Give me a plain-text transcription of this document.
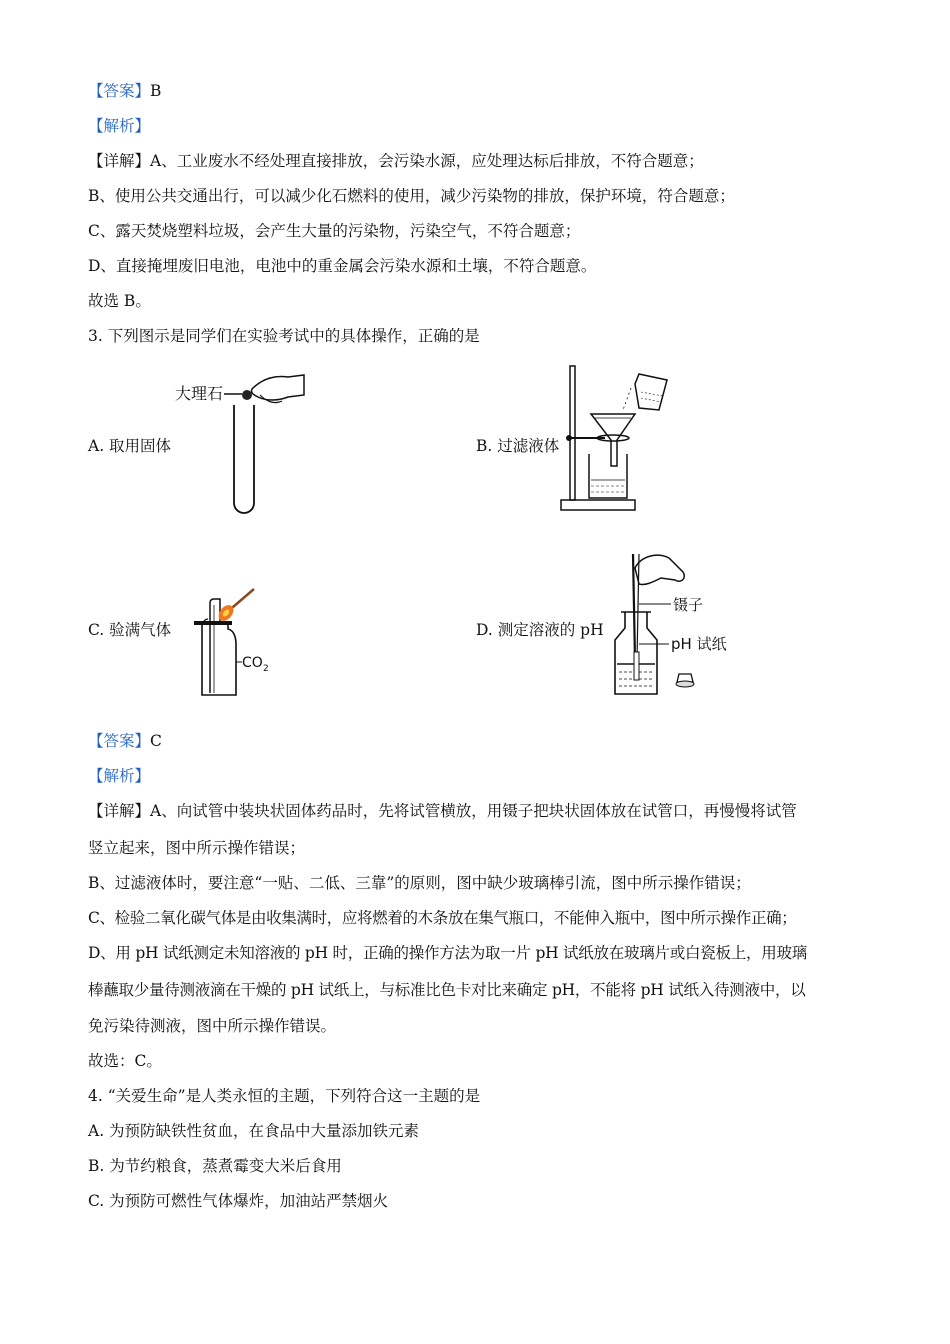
【答案】B
【解析】
【详解】A、工业废水不经处理直接排放，会污染水源，应处理达标后排放，不符合题意；
B、使用公共交通出行，可以减少化石燃料的使用，减少污染物的排放，保护环境，符合题意；
C、露天焚烧塑料垃圾，会产生大量的污染物，污染空气，不符合题意；
D、直接掩埋废旧电池，电池中的重金属会污染水源和土壤，不符合题意。
故选 B。
3. 下列图示是同学们在实验考试中的具体操作，正确的是
A. 取用固体	B. 过滤液体
C. 验满气体	D. 测定溶液的 pH
大理石
CO 2
镊子
pH 试纸
【答案】C
【解析】
【详解】A、向试管中装块状固体药品时，先将试管横放，用镊子把块状固体放在试管口，再慢慢将试管
竖立起来，图中所示操作错误；
B、过滤液体时，要注意“一贴、二低、三靠”的原则，图中缺少玻璃棒引流，图中所示操作错误；
C、检验二氧化碳气体是由收集满时，应将燃着的木条放在集气瓶口，不能伸入瓶中，图中所示操作正确；
D、用 pH 试纸测定未知溶液的 pH 时，正确的操作方法为取一片 pH 试纸放在玻璃片或白瓷板上，用玻璃
棒蘸取少量待测液滴在干燥的 pH 试纸上，与标准比色卡对比来确定 pH，不能将 pH 试纸入待测液中，以
免污染待测液，图中所示操作错误。
故选：C。
4. “关爱生命”是人类永恒的主题，下列符合这一主题的是
A. 为预防缺铁性贫血，在食品中大量添加铁元素
B. 为节约粮食，蒸煮霉变大米后食用
C. 为预防可燃性气体爆炸，加油站严禁烟火
